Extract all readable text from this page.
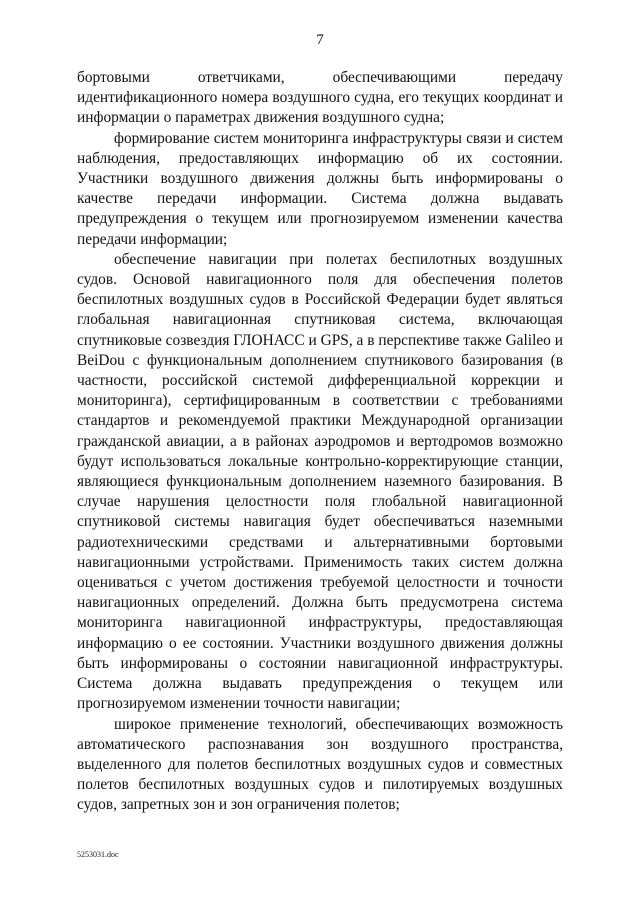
7

бортовыми ответчиками, обеспечивающими передачу идентификационного номера воздушного судна, его текущих координат и информации о параметрах движения воздушного судна;

формирование систем мониторинга инфраструктуры связи и систем наблюдения, предоставляющих информацию об их состоянии. Участники воздушного движения должны быть информированы о качестве передачи информации. Система должна выдавать предупреждения о текущем или прогнозируемом изменении качества передачи информации;

обеспечение навигации при полетах беспилотных воздушных судов. Основой навигационного поля для обеспечения полетов беспилотных воздушных судов в Российской Федерации будет являться глобальная навигационная спутниковая система, включающая спутниковые созвездия ГЛОНАСС и GPS, а в перспективе также Galileo и BeiDou с функциональным дополнением спутникового базирования (в частности, российской системой дифференциальной коррекции и мониторинга), сертифицированным в соответствии с требованиями стандартов и рекомендуемой практики Международной организации гражданской авиации, а в районах аэродромов и вертодромов возможно будут использоваться локальные контрольно-корректирующие станции, являющиеся функциональным дополнением наземного базирования. В случае нарушения целостности поля глобальной навигационной спутниковой системы навигация будет обеспечиваться наземными радиотехническими средствами и альтернативными бортовыми навигационными устройствами. Применимость таких систем должна оцениваться с учетом достижения требуемой целостности и точности навигационных определений. Должна быть предусмотрена система мониторинга навигационной инфраструктуры, предоставляющая информацию о ее состоянии. Участники воздушного движения должны быть информированы о состоянии навигационной инфраструктуры. Система должна выдавать предупреждения о текущем или прогнозируемом изменении точности навигации;

широкое применение технологий, обеспечивающих возможность автоматического распознавания зон воздушного пространства, выделенного для полетов беспилотных воздушных судов и совместных полетов беспилотных воздушных судов и пилотируемых воздушных судов, запретных зон и зон ограничения полетов;

5253031.doc
